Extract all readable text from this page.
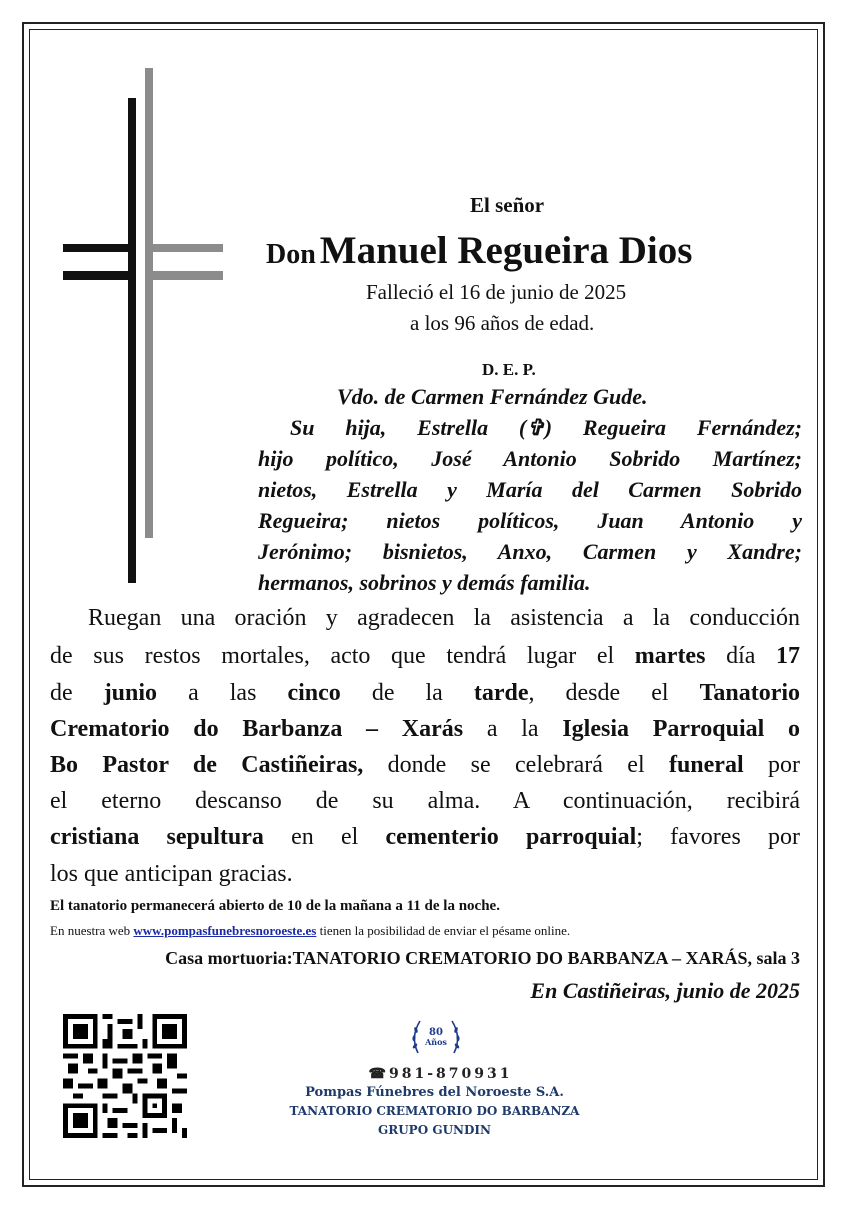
El señor
Don Manuel Regueira Dios
Falleció el 16 de junio de 2025
a los 96 años de edad.
D. E. P.
Vdo. de Carmen Fernández Gude.
Su hija, Estrella (✞) Regueira Fernández;
hijo político, José Antonio Sobrido Martínez;
nietos, Estrella y María del Carmen Sobrido
Regueira; nietos políticos, Juan Antonio y
Jerónimo; bisnietos, Anxo, Carmen y Xandre;
hermanos, sobrinos y demás familia.
Ruegan una oración y agradecen la asistencia a la conducción
de sus restos mortales, acto que tendrá lugar el martes día 17
de junio a las cinco de la tarde, desde el Tanatorio
Crematorio do Barbanza – Xarás a la Iglesia Parroquial o
Bo Pastor de Castiñeiras, donde se celebrará el funeral por
el eterno descanso de su alma. A continuación, recibirá
cristiana sepultura en el cementerio parroquial; favores por
los que anticipan gracias.
El tanatorio permanecerá abierto de 10 de la mañana a 11 de la noche.
En nuestra web www.pompasfunebresnoroeste.es tienen la posibilidad de enviar el pésame online.
Casa mortuoria:TANATORIO CREMATORIO DO BARBANZA – XARÁS, sala 3
En Castiñeiras, junio de 2025
80
Años
☎981-870931
Pompas Fúnebres del Noroeste S.A.
TANATORIO CREMATORIO DO BARBANZA
GRUPO GUNDIN
